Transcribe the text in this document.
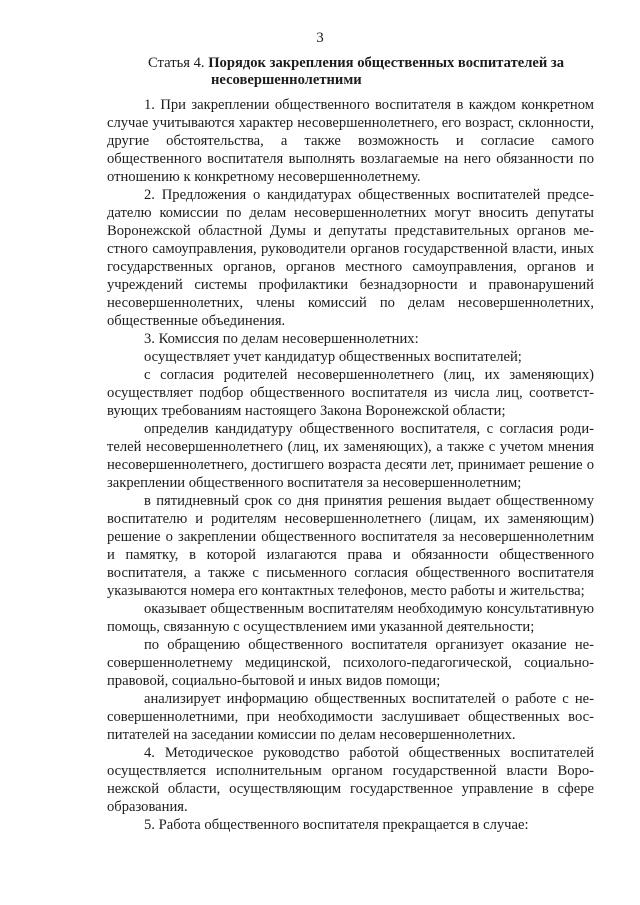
3
Статья 4. Порядок закрепления общественных воспитателей за
несовершеннолетними

1. При закреплении общественного воспитателя в каждом конкретном случае учитываются характер несовершеннолетнего, его возраст, склонности, другие обстоятельства, а также возможность и согласие самого общественного воспитателя выполнять возлагаемые на него обязанности по отношению к конкретному несовершеннолетнему.

2. Предложения о кандидатурах общественных воспитателей председателю комиссии по делам несовершеннолетних могут вносить депутаты Воронежской областной Думы и депутаты представительных органов местного самоуправления, руководители органов государственной власти, иных государственных органов, органов местного самоуправления, органов и учреждений системы профилактики безнадзорности и правонарушений несовершеннолетних, члены комиссий по делам несовершеннолетних, общественные объединения.

3. Комиссия по делам несовершеннолетних:

осуществляет учет кандидатур общественных воспитателей;

с согласия родителей несовершеннолетнего (лиц, их заменяющих) осуществляет подбор общественного воспитателя из числа лиц, соответствующих требованиям настоящего Закона Воронежской области;

определив кандидатуру общественного воспитателя, с согласия родителей несовершеннолетнего (лиц, их заменяющих), а также с учетом мнения несовершеннолетнего, достигшего возраста десяти лет, принимает решение о закреплении общественного воспитателя за несовершеннолетним;

в пятидневный срок со дня принятия решения выдает общественному воспитателю и родителям несовершеннолетнего (лицам, их заменяющим) решение о закреплении общественного воспитателя за несовершеннолетним и памятку, в которой излагаются права и обязанности общественного воспитателя, а также с письменного согласия общественного воспитателя указываются номера его контактных телефонов, место работы и жительства;

оказывает общественным воспитателям необходимую консультативную помощь, связанную с осуществлением ими указанной деятельности;

по обращению общественного воспитателя организует оказание несовершеннолетнему медицинской, психолого-педагогической, социально-правовой, социально-бытовой и иных видов помощи;

анализирует информацию общественных воспитателей о работе с несовершеннолетними, при необходимости заслушивает общественных воспитателей на заседании комиссии по делам несовершеннолетних.

4. Методическое руководство работой общественных воспитателей осуществляется исполнительным органом государственной власти Воронежской области, осуществляющим государственное управление в сфере образования.

5. Работа общественного воспитателя прекращается в случае:
